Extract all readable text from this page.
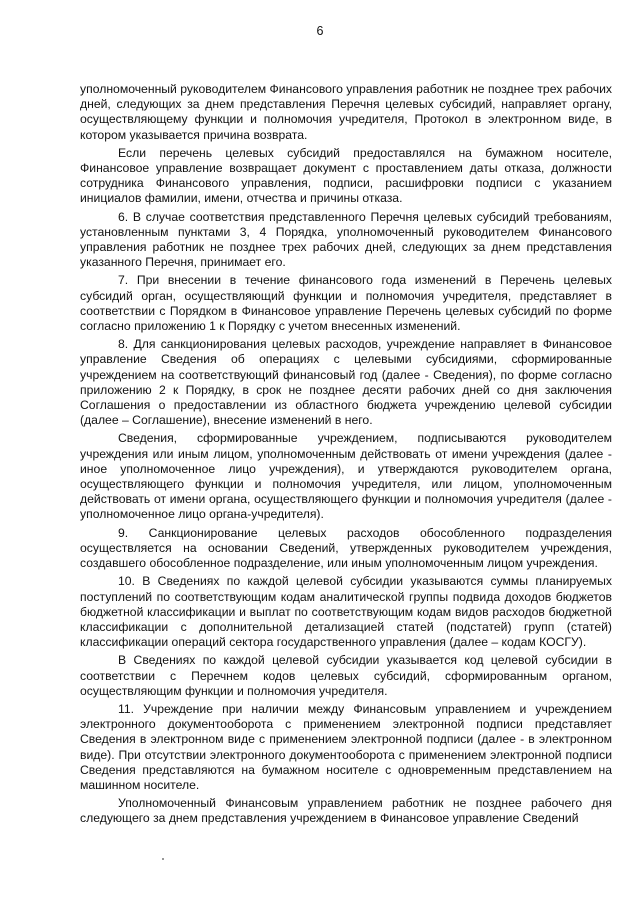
6

уполномоченный руководителем Финансового управления работник не позднее трех рабочих дней, следующих за днем представления Перечня целевых субсидий, направляет органу, осуществляющему функции и полномочия учредителя, Протокол в электронном виде, в котором указывается причина возврата.

Если перечень целевых субсидий предоставлялся на бумажном носителе, Финансовое управление возвращает документ с проставлением даты отказа, должности сотрудника Финансового управления, подписи, расшифровки подписи с указанием инициалов фамилии, имени, отчества и причины отказа.

6. В случае соответствия представленного Перечня целевых субсидий требованиям, установленным пунктами 3, 4 Порядка, уполномоченный руководителем Финансового управления работник не позднее трех рабочих дней, следующих за днем представления указанного Перечня, принимает его.

7. При внесении в течение финансового года изменений в Перечень целевых субсидий орган, осуществляющий функции и полномочия учредителя, представляет в соответствии с Порядком в Финансовое управление Перечень целевых субсидий по форме согласно приложению 1 к Порядку с учетом внесенных изменений.

8. Для санкционирования целевых расходов, учреждение направляет в Финансовое управление Сведения об операциях с целевыми субсидиями, сформированные учреждением на соответствующий финансовый год (далее - Сведения), по форме согласно приложению 2 к Порядку, в срок не позднее десяти рабочих дней со дня заключения Соглашения о предоставлении из областного бюджета учреждению целевой субсидии (далее – Соглашение), внесение изменений в него.

Сведения, сформированные учреждением, подписываются руководителем учреждения или иным лицом, уполномоченным действовать от имени учреждения (далее - иное уполномоченное лицо учреждения), и утверждаются руководителем органа, осуществляющего функции и полномочия учредителя, или лицом, уполномоченным действовать от имени органа, осуществляющего функции и полномочия учредителя (далее - уполномоченное лицо органа-учредителя).

9. Санкционирование целевых расходов обособленного подразделения осуществляется на основании Сведений, утвержденных руководителем учреждения, создавшего обособленное подразделение, или иным уполномоченным лицом учреждения.

10. В Сведениях по каждой целевой субсидии указываются суммы планируемых поступлений по соответствующим кодам аналитической группы подвида доходов бюджетов бюджетной классификации и выплат по соответствующим кодам видов расходов бюджетной классификации с дополнительной детализацией статей (подстатей) групп (статей) классификации операций сектора государственного управления (далее – кодам КОСГУ).

В Сведениях по каждой целевой субсидии указывается код целевой субсидии в соответствии с Перечнем кодов целевых субсидий, сформированным органом, осуществляющим функции и полномочия учредителя.

11. Учреждение при наличии между Финансовым управлением и учреждением электронного документооборота с применением электронной подписи представляет Сведения в электронном виде с применением электронной подписи (далее - в электронном виде). При отсутствии электронного документооборота с применением электронной подписи Сведения представляются на бумажном носителе с одновременным представлением на машинном носителе.

Уполномоченный Финансовым управлением работник не позднее рабочего дня следующего за днем представления учреждением в Финансовое управление Сведений
